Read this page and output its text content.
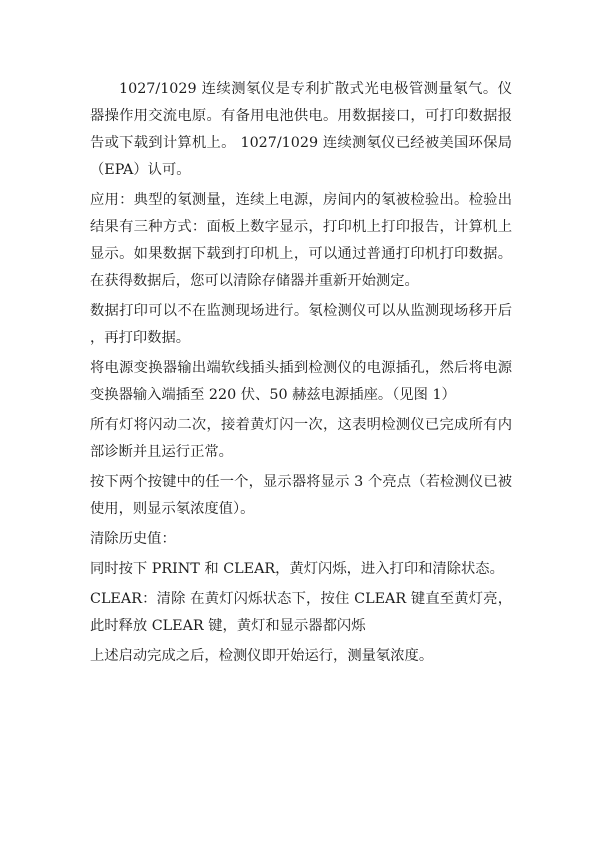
1027/1029 连续测氡仪是专利扩散式光电极管测量氡气。仪器操作用交流电原。有备用电池供电。用数据接口，可打印数据报告或下载到计算机上。 1027/1029 连续测氡仪已经被美国环保局（EPA）认可。

应用：典型的氡测量，连续上电源，房间内的氡被检验出。检验出结果有三种方式：面板上数字显示，打印机上打印报告，计算机上显示。如果数据下载到打印机上，可以通过普通打印机打印数据。在获得数据后，您可以清除存储器并重新开始测定。

数据打印可以不在监测现场进行。氡检测仪可以从监测现场移开后，再打印数据。

将电源变换器输出端软线插头插到检测仪的电源插孔，然后将电源变换器输入端插至 220 伏、50 赫兹电源插座。（见图 1）

所有灯将闪动二次，接着黄灯闪一次，这表明检测仪已完成所有内部诊断并且运行正常。

按下两个按键中的任一个，显示器将显示 3 个亮点（若检测仪已被使用，则显示氡浓度值）。

清除历史值：

同时按下 PRINT 和 CLEAR，黄灯闪烁，进入打印和清除状态。

CLEAR：清除 在黄灯闪烁状态下，按住 CLEAR 键直至黄灯亮，此时释放 CLEAR 键，黄灯和显示器都闪烁

上述启动完成之后，检测仪即开始运行，测量氡浓度。
